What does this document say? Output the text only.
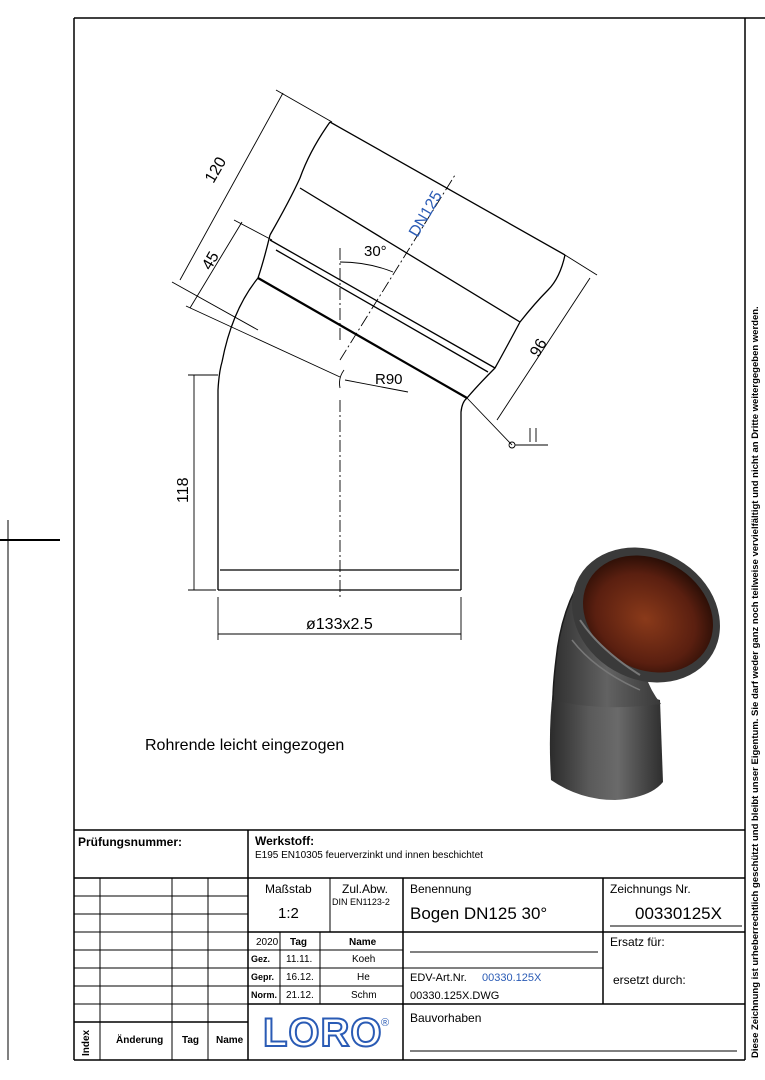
LORO
®
120
45
DN125
30°
96
R90
118
ø133x2.5
Rohrende leicht eingezogen	Diese Zeichnung ist urheberrechtlich geschützt und bleibt unser Eigentum. Sie darf weder ganz noch teilweise vervielfältigt und nicht an Dritte weitergegeben werden.
Prüfungsnummer:	Werkstoff:
E195 EN10305 feuerverzinkt und innen beschichtet
Maßstab
1:2
Zul.Abw.
DIN EN1123-2
Benennung
Bogen DN125 30°
Zeichnungs Nr.
00330125X
2020 Tag	Name
Gez. 11.11.	Koeh
Gepr. 16.12.	He
Norm. 21.12.	Schm
Ersatz für:
ersetzt durch:
EDV-Art.Nr. 00330.125X
00330.125X.DWG
Bauvorhaben
Index Änderung Tag Name
